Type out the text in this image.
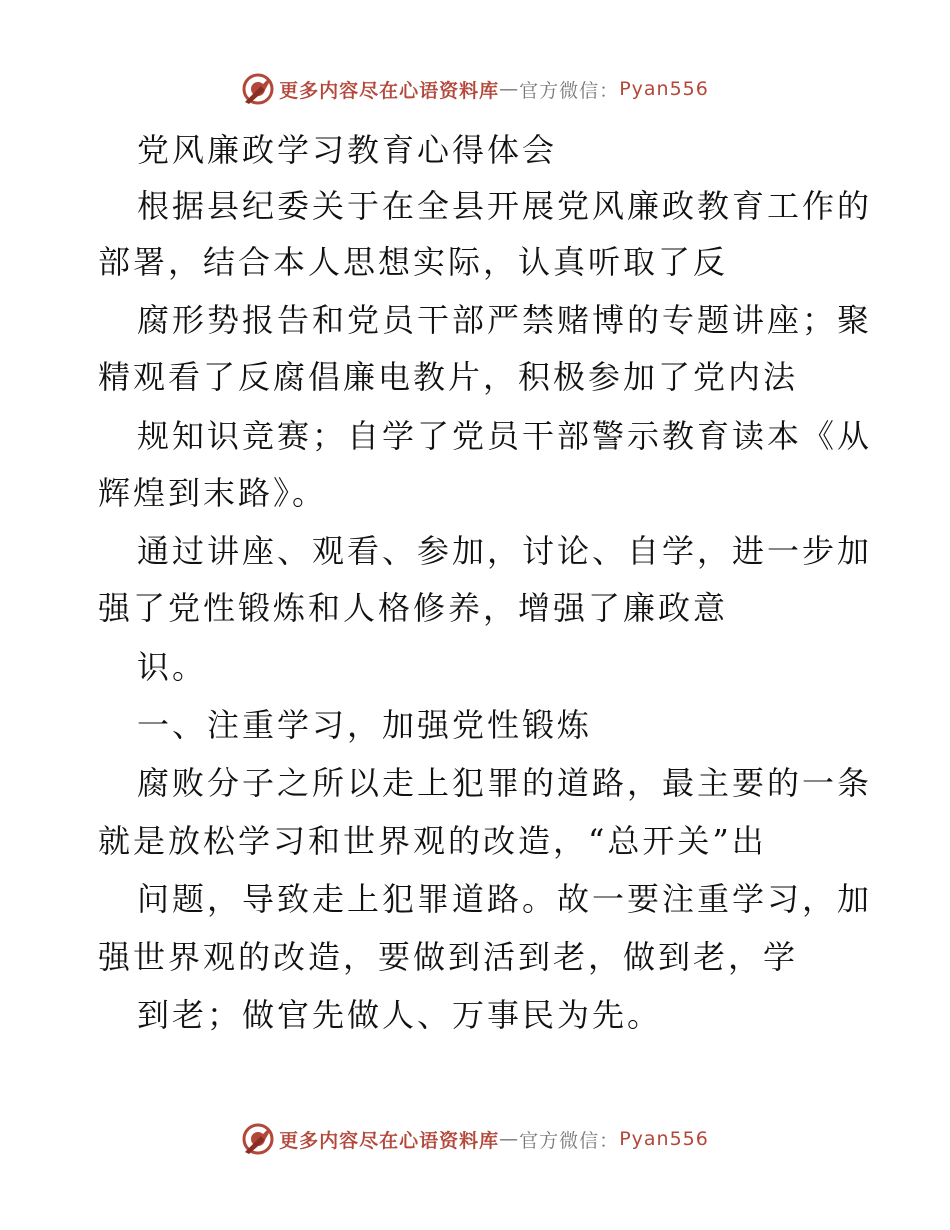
更多内容尽在心语资料库 — 官方微信： Pyan556
党风廉政学习教育心得体会
根据县纪委关于在全县开展党风廉政教育工作的
部署，结合本人思想实际，认真听取了反
腐形势报告和党员干部严禁赌博的专题讲座；聚
精观看了反腐倡廉电教片，积极参加了党内法
规知识竞赛；自学了党员干部警示教育读本《从
辉煌到末路》。
通过讲座、观看、参加，讨论、自学，进一步加
强了党性锻炼和人格修养，增强了廉政意
识。
一、注重学习，加强党性锻炼
腐败分子之所以走上犯罪的道路，最主要的一条
就是放松学习和世界观的改造，“总开关”出
问题，导致走上犯罪道路。故一要注重学习，加
强世界观的改造，要做到活到老，做到老，学
到老；做官先做人、万事民为先。
更多内容尽在心语资料库 — 官方微信： Pyan556
